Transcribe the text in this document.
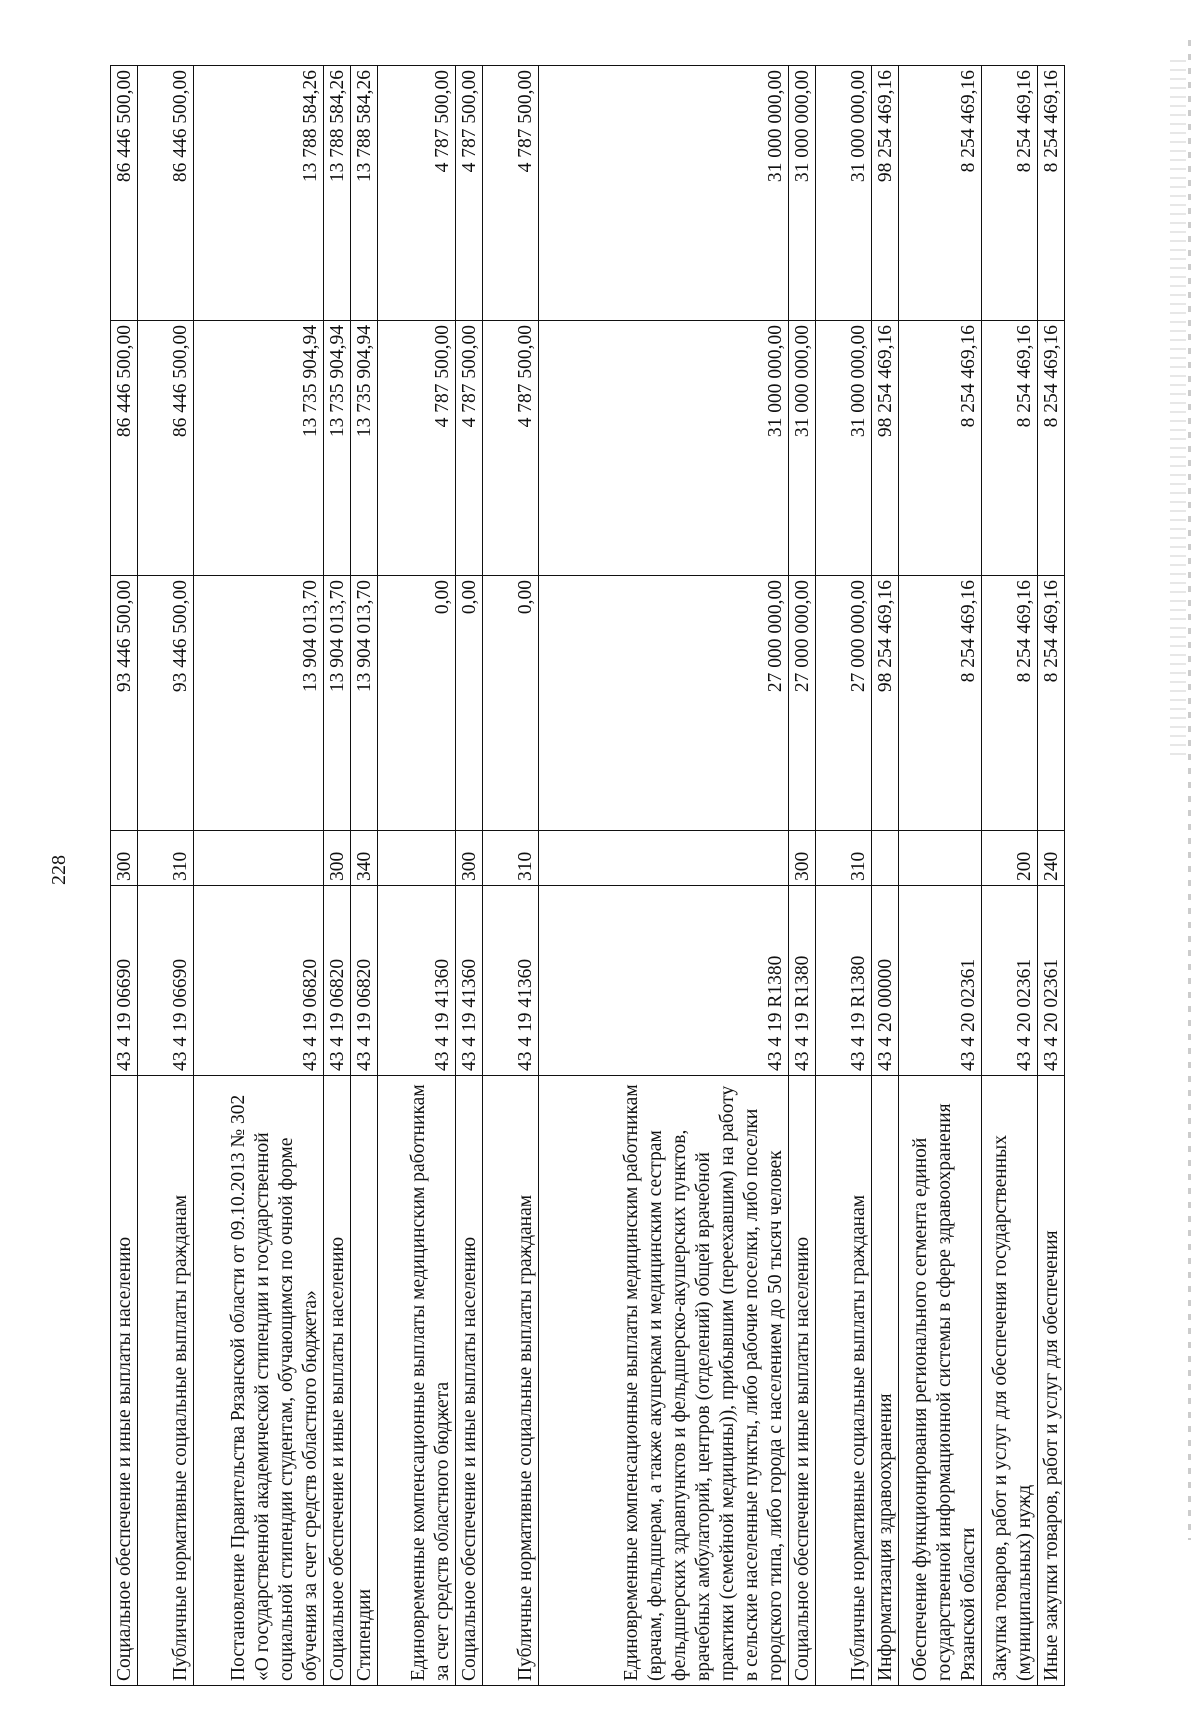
228
Социальное обеспечение и иные выплаты населению	43 4 19 06690	300	93 446 500,00	86 446 500,00	86 446 500,00
Публичные нормативные социальные выплаты гражданам	43 4 19 06690	310	93 446 500,00	86 446 500,00	86 446 500,00
Постановление Правительства Рязанской области от 09.10.2013 № 302 «О государственной академической стипендии и государственной социальной стипендии студентам, обучающимся по очной форме обучения за счет средств областного бюджета»	43 4 19 06820		13 904 013,70	13 735 904,94	13 788 584,26
Социальное обеспечение и иные выплаты населению	43 4 19 06820	300	13 904 013,70	13 735 904,94	13 788 584,26
Стипендии	43 4 19 06820	340	13 904 013,70	13 735 904,94	13 788 584,26
Единовременные компенсационные выплаты медицинским работникам за счет средств областного бюджета	43 4 19 41360		0,00	4 787 500,00	4 787 500,00
Социальное обеспечение и иные выплаты населению	43 4 19 41360	300	0,00	4 787 500,00	4 787 500,00
Публичные нормативные социальные выплаты гражданам	43 4 19 41360	310	0,00	4 787 500,00	4 787 500,00
Единовременные компенсационные выплаты медицинским работникам (врачам, фельдшерам, а также акушеркам и медицинским сестрам фельдшерских здравпунктов и фельдшерско-акушерских пунктов, врачебных амбулаторий, центров (отделений) общей врачебной практики (семейной медицины)), прибывшим (переехавшим) на работу в сельские населенные пункты, либо рабочие поселки, либо поселки городского типа, либо города с населением до 50 тысяч человек	43 4 19 R1380		27 000 000,00	31 000 000,00	31 000 000,00
Социальное обеспечение и иные выплаты населению	43 4 19 R1380	300	27 000 000,00	31 000 000,00	31 000 000,00
Публичные нормативные социальные выплаты гражданам	43 4 19 R1380	310	27 000 000,00	31 000 000,00	31 000 000,00
Информатизация здравоохранения	43 4 20 00000		98 254 469,16	98 254 469,16	98 254 469,16
Обеспечение функционирования регионального сегмента единой государственной информационной системы в сфере здравоохранения Рязанской области	43 4 20 02361		8 254 469,16	8 254 469,16	8 254 469,16
Закупка товаров, работ и услуг для обеспечения государственных (муниципальных) нужд	43 4 20 02361	200	8 254 469,16	8 254 469,16	8 254 469,16
Иные закупки товаров, работ и услуг для обеспечения	43 4 20 02361	240	8 254 469,16	8 254 469,16	8 254 469,16
